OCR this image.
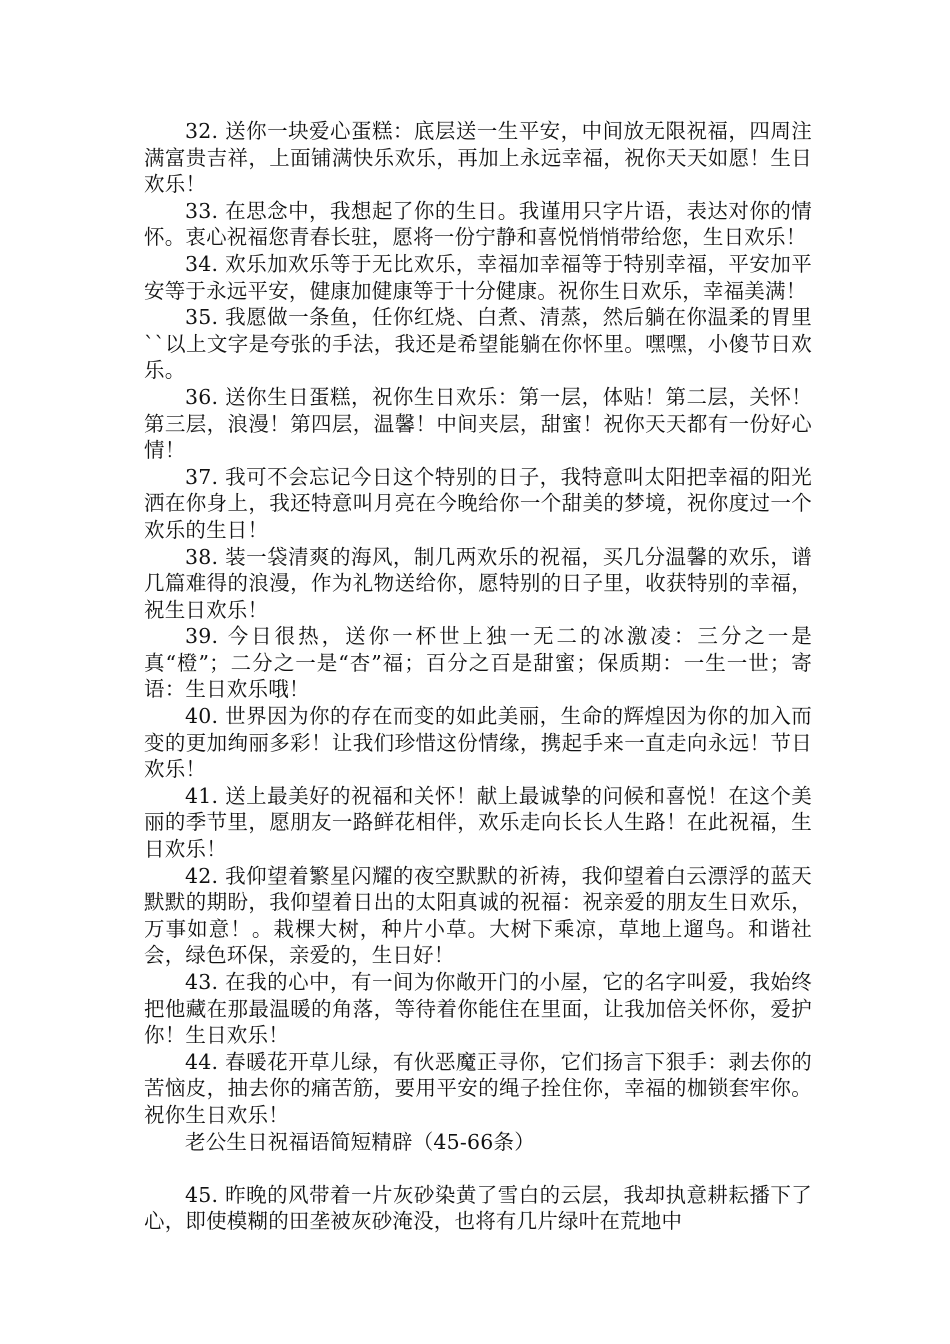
32. 送你一块爱心蛋糕：底层送一生平安，中间放无限祝福，四周注满富贵吉祥，上面铺满快乐欢乐，再加上永远幸福，祝你天天如愿！生日欢乐！

33. 在思念中，我想起了你的生日。我谨用只字片语，表达对你的情怀。衷心祝福您青春长驻，愿将一份宁静和喜悦悄悄带给您，生日欢乐！

34. 欢乐加欢乐等于无比欢乐，幸福加幸福等于特别幸福，平安加平安等于永远平安，健康加健康等于十分健康。祝你生日欢乐，幸福美满！

35. 我愿做一条鱼，任你红烧、白煮、清蒸，然后躺在你温柔的胃里``以上文字是夸张的手法，我还是希望能躺在你怀里。嘿嘿，小傻节日欢乐。

36. 送你生日蛋糕，祝你生日欢乐：第一层，体贴！第二层，关怀！第三层，浪漫！第四层，温馨！中间夹层，甜蜜！祝你天天都有一份好心情！

37. 我可不会忘记今日这个特别的日子，我特意叫太阳把幸福的阳光洒在你身上，我还特意叫月亮在今晚给你一个甜美的梦境，祝你度过一个欢乐的生日！

38. 装一袋清爽的海风，制几两欢乐的祝福，买几分温馨的欢乐，谱几篇难得的浪漫，作为礼物送给你，愿特别的日子里，收获特别的幸福，祝生日欢乐！

39. 今日很热，送你一杯世上独一无二的冰激凌：三分之一是真“橙”；二分之一是“杏”福；百分之百是甜蜜；保质期：一生一世；寄语：生日欢乐哦！

40. 世界因为你的存在而变的如此美丽，生命的辉煌因为你的加入而变的更加绚丽多彩！让我们珍惜这份情缘，携起手来一直走向永远！节日欢乐！

41. 送上最美好的祝福和关怀！献上最诚挚的问候和喜悦！在这个美丽的季节里，愿朋友一路鲜花相伴，欢乐走向长长人生路！在此祝福，生日欢乐！

42. 我仰望着繁星闪耀的夜空默默的祈祷，我仰望着白云漂浮的蓝天默默的期盼，我仰望着日出的太阳真诚的祝福：祝亲爱的朋友生日欢乐，万事如意！。栽棵大树，种片小草。大树下乘凉，草地上遛鸟。和谐社会，绿色环保，亲爱的，生日好！

43. 在我的心中，有一间为你敞开门的小屋，它的名字叫爱，我始终把他藏在那最温暖的角落，等待着你能住在里面，让我加倍关怀你，爱护你！生日欢乐！

44. 春暖花开草儿绿，有伙恶魔正寻你，它们扬言下狠手：剥去你的苦恼皮，抽去你的痛苦筋，要用平安的绳子拴住你，幸福的枷锁套牢你。祝你生日欢乐！

老公生日祝福语简短精辟（45-66条）

45. 昨晚的风带着一片灰砂染黄了雪白的云层，我却执意耕耘播下了心，即使模糊的田垄被灰砂淹没，也将有几片绿叶在荒地中
